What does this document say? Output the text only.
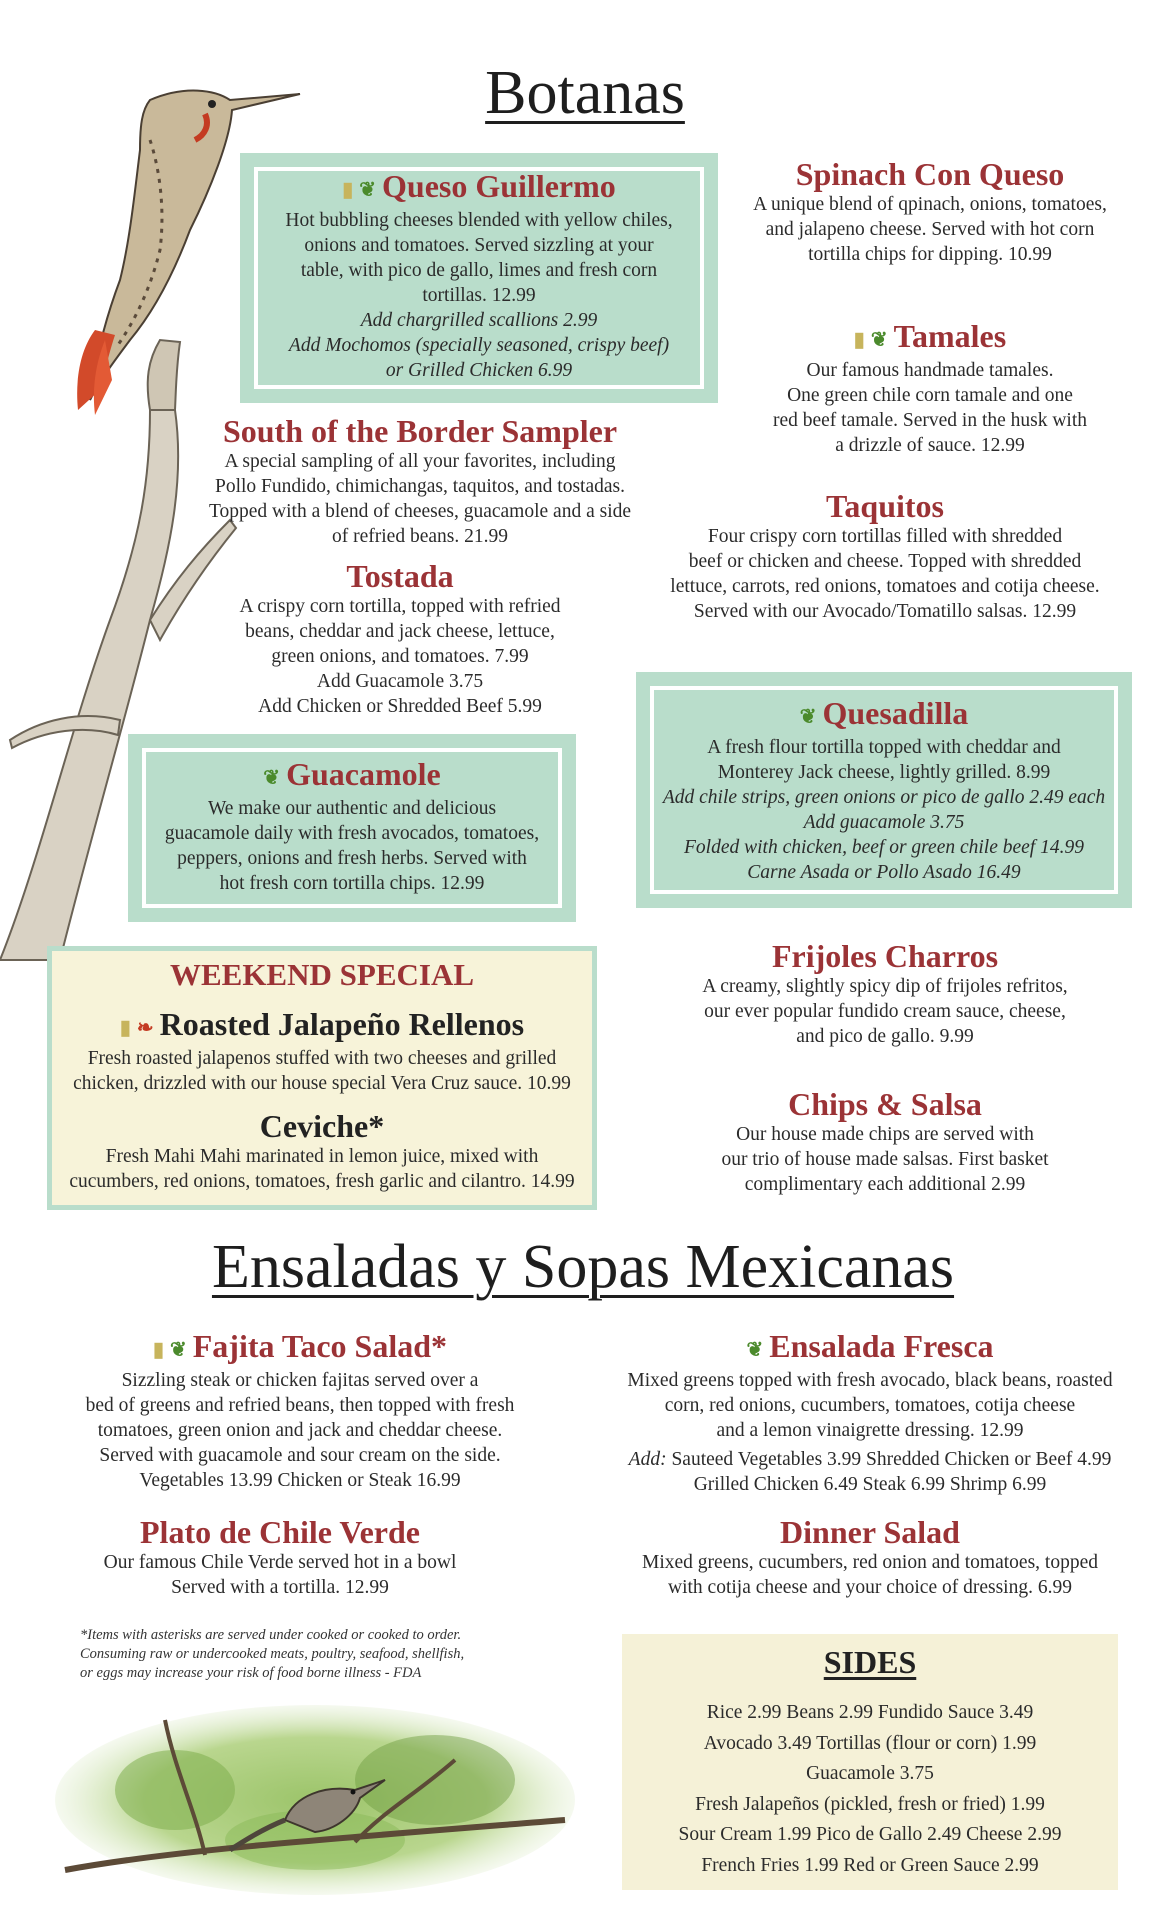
Botanas
▮ ❦ Queso Guillermo
Hot bubbling cheeses blended with yellow chiles,
onions and tomatoes. Served sizzling at your
table, with pico de gallo, limes and fresh corn
tortillas. 12.99
Add chargrilled scallions 2.99
Add Mochomos (specially seasoned, crispy beef)
or Grilled Chicken 6.99
Spinach Con Queso
A unique blend of qpinach, onions, tomatoes,
and jalapeno cheese. Served with hot corn
tortilla chips for dipping. 10.99
▮ ❦ Tamales
Our famous handmade tamales.
One green chile corn tamale and one
red beef tamale. Served in the husk with
a drizzle of sauce. 12.99
South of the Border Sampler
A special sampling of all your favorites, including
Pollo Fundido, chimichangas, taquitos, and tostadas.
Topped with a blend of cheeses, guacamole and a side
of refried beans. 21.99
Taquitos
Four crispy corn tortillas filled with shredded
beef or chicken and cheese. Topped with shredded
lettuce, carrots, red onions, tomatoes and cotija cheese.
Served with our Avocado/Tomatillo salsas. 12.99
Tostada
A crispy corn tortilla, topped with refried
beans, cheddar and jack cheese, lettuce,
green onions, and tomatoes. 7.99
Add Guacamole 3.75
Add Chicken or Shredded Beef 5.99	❦ Quesadilla
A fresh flour tortilla topped with cheddar and
Monterey Jack cheese, lightly grilled. 8.99
Add chile strips, green onions or pico de gallo 2.49 each
Add guacamole 3.75
Folded with chicken, beef or green chile beef 14.99
Carne Asada or Pollo Asado 16.49
❦ Guacamole
We make our authentic and delicious
guacamole daily with fresh avocados, tomatoes,
peppers, onions and fresh herbs. Served with
hot fresh corn tortilla chips. 12.99
WEEKEND SPECIAL
▮ ❧ Roasted Jalapeño Rellenos
Fresh roasted jalapenos stuffed with two cheeses and grilled
chicken, drizzled with our house special Vera Cruz sauce. 10.99
Ceviche*
Fresh Mahi Mahi marinated in lemon juice, mixed with
cucumbers, red onions, tomatoes, fresh garlic and cilantro. 14.99
Frijoles Charros
A creamy, slightly spicy dip of frijoles refritos,
our ever popular fundido cream sauce, cheese,
and pico de gallo. 9.99
Chips & Salsa
Our house made chips are served with
our trio of house made salsas. First basket
complimentary each additional 2.99
Ensaladas y Sopas Mexicanas
▮ ❦ Fajita Taco Salad*
Sizzling steak or chicken fajitas served over a
bed of greens and refried beans, then topped with fresh
tomatoes, green onion and jack and cheddar cheese.
Served with guacamole and sour cream on the side.
Vegetables 13.99 Chicken or Steak 16.99
❦ Ensalada Fresca
Mixed greens topped with fresh avocado, black beans, roasted
corn, red onions, cucumbers, tomatoes, cotija cheese
and a lemon vinaigrette dressing. 12.99
Add: Sauteed Vegetables 3.99 Shredded Chicken or Beef 4.99
Grilled Chicken 6.49 Steak 6.99 Shrimp 6.99
Plato de Chile Verde
Our famous Chile Verde served hot in a bowl
Served with a tortilla. 12.99
Dinner Salad
Mixed greens, cucumbers, red onion and tomatoes, topped
with cotija cheese and your choice of dressing. 6.99
*Items with asterisks are served under cooked or cooked to order.
Consuming raw or undercooked meats, poultry, seafood, shellfish,
or eggs may increase your risk of food borne illness - FDA	SIDES
Rice 2.99 Beans 2.99 Fundido Sauce 3.49
Avocado 3.49 Tortillas (flour or corn) 1.99
Guacamole 3.75
Fresh Jalapeños (pickled, fresh or fried) 1.99
Sour Cream 1.99 Pico de Gallo 2.49 Cheese 2.99
French Fries 1.99 Red or Green Sauce 2.99
